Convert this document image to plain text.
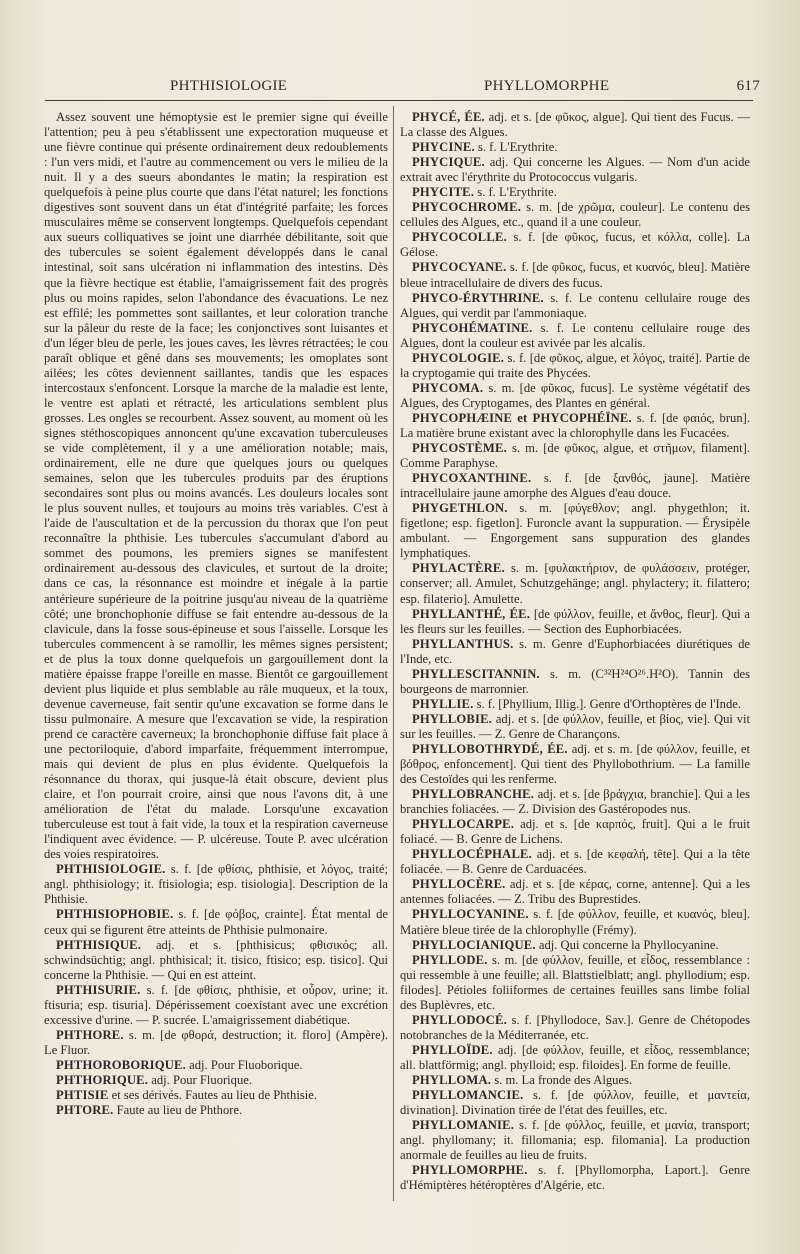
PHTHISIOLOGIE	PHYLLOMORPHE	617

Assez souvent une hémoptysie est le premier signe qui éveille l'attention; peu à peu s'établissent une expectoration muqueuse et une fièvre continue qui présente ordinairement deux redoublements : l'un vers midi, et l'autre au commencement ou vers le milieu de la nuit. Il y a des sueurs abondantes le matin; la respiration est quelquefois à peine plus courte que dans l'état naturel; les fonctions digestives sont souvent dans un état d'intégrité parfaite; les forces musculaires même se conservent longtemps. Quelquefois cependant aux sueurs colliquatives se joint une diarrhée débilitante, soit que des tubercules se soient également développés dans le canal intestinal, soit sans ulcération ni inflammation des intestins. Dès que la fièvre hectique est établie, l'amaigrissement fait des progrès plus ou moins rapides, selon l'abondance des évacuations. Le nez est effilé; les pommettes sont saillantes, et leur coloration tranche sur la pâleur du reste de la face; les conjonctives sont luisantes et d'un léger bleu de perle, les joues caves, les lèvres rétractées; le cou paraît oblique et gêné dans ses mouvements; les omoplates sont ailées; les côtes deviennent saillantes, tandis que les espaces intercostaux s'enfoncent. Lorsque la marche de la maladie est lente, le ventre est aplati et rétracté, les articulations semblent plus grosses. Les ongles se recourbent. Assez souvent, au moment où les signes stéthoscopiques annoncent qu'une excavation tuberculeuses se vide complètement, il y a une amélioration notable; mais, ordinairement, elle ne dure que quelques jours ou quelques semaines, selon que les tubercules produits par des éruptions secondaires sont plus ou moins avancés. Les douleurs locales sont le plus souvent nulles, et toujours au moins très variables. C'est à l'aide de l'auscultation et de la percussion du thorax que l'on peut reconnaître la phthisie. Les tubercules s'accumulant d'abord au sommet des poumons, les premiers signes se manifestent ordinairement au-dessous des clavicules, et surtout de la droite; dans ce cas, la résonnance est moindre et inégale à la partie antérieure supérieure de la poitrine jusqu'au niveau de la quatrième côté; une bronchophonie diffuse se fait entendre au-dessous de la clavicule, dans la fosse sous-épineuse et sous l'aisselle. Lorsque les tubercules commencent à se ramollir, les mêmes signes persistent; et de plus la toux donne quelquefois un gargouillement dont la matière épaisse frappe l'oreille en masse. Bientôt ce gargouillement devient plus liquide et plus semblable au râle muqueux, et la toux, devenue caverneuse, fait sentir qu'une excavation se forme dans le tissu pulmonaire. A mesure que l'excavation se vide, la respiration prend ce caractère caverneux; la bronchophonie diffuse fait place à une pectoriloquie, d'abord imparfaite, fréquemment interrompue, mais qui devient de plus en plus évidente. Quelquefois la résonnance du thorax, qui jusque-là était obscure, devient plus claire, et l'on pourrait croire, ainsi que nous l'avons dit, à une amélioration de l'état du malade. Lorsqu'une excavation tuberculeuse est tout à fait vide, la toux et la respiration caverneuse l'indiquent avec évidence. — P. ulcéreuse. Toute P. avec ulcération des voies respiratoires.

PHTHISIOLOGIE. s. f. [de φθίσις, phthisie, et λόγος, traité; angl. phthisiology; it. ftisiologia; esp. tisiologia]. Description de la Phthisie.

PHTHISIOPHOBIE. s. f. [de φόβος, crainte]. État mental de ceux qui se figurent être atteints de Phthisie pulmonaire.

PHTHISIQUE. adj. et s. [phthisicus; φθισικός; all. schwindsüchtig; angl. phthisical; it. tisico, ftisico; esp. tisico]. Qui concerne la Phthisie. — Qui en est atteint.

PHTHISURIE. s. f. [de φθίσις, phthisie, et οὖρον, urine; it. ftisuria; esp. tisuria]. Dépérissement coexistant avec une excrétion excessive d'urine. — P. sucrée. L'amaigrissement diabétique.

PHTHORE. s. m. [de φθορά, destruction; it. floro] (Ampère). Le Fluor.

PHTHOROBORIQUE. adj. Pour Fluoborique.

PHTHORIQUE. adj. Pour Fluorique.

PHTISIE et ses dérivés. Fautes au lieu de Phthisie.

PHTORE. Faute au lieu de Phthore.

PHYCÉ, ÉE. adj. et s. [de φῦκος, algue]. Qui tient des Fucus. — La classe des Algues.

PHYCINE. s. f. L'Erythrite.

PHYCIQUE. adj. Qui concerne les Algues. — Nom d'un acide extrait avec l'érythrite du Protococcus vulgaris.

PHYCITE. s. f. L'Erythrite.

PHYCOCHROME. s. m. [de χρῶμα, couleur]. Le contenu des cellules des Algues, etc., quand il a une couleur.

PHYCOCOLLE. s. f. [de φῦκος, fucus, et κόλλα, colle]. La Gélose.

PHYCOCYANE. s. f. [de φῦκος, fucus, et κυανός, bleu]. Matière bleue intracellulaire de divers des fucus.

PHYCO-ÉRYTHRINE. s. f. Le contenu cellulaire rouge des Algues, qui verdit par l'ammoniaque.

PHYCOHÉMATINE. s. f. Le contenu cellulaire rouge des Algues, dont la couleur est avivée par les alcalis.

PHYCOLOGIE. s. f. [de φῦκος, algue, et λόγος, traité]. Partie de la cryptogamie qui traite des Phycées.

PHYCOMA. s. m. [de φῦκος, fucus]. Le système végétatif des Algues, des Cryptogames, des Plantes en général.

PHYCOPHÆINE et PHYCOPHÉÏNE. s. f. [de φαιός, brun]. La matière brune existant avec la chlorophylle dans les Fucacées.

PHYCOSTÈME. s. m. [de φῦκος, algue, et στῆμων, filament]. Comme Paraphyse.

PHYCOXANTHINE. s. f. [de ξανθός, jaune]. Matière intracellulaire jaune amorphe des Algues d'eau douce.

PHYGETHLON. s. m. [φύγεθλον; angl. phygethlon; it. figetlone; esp. figetlon]. Furoncle avant la suppuration. — Érysipèle ambulant. — Engorgement sans suppuration des glandes lymphatiques.

PHYLACTÈRE. s. m. [φυλακτήριον, de φυλάσσειν, protéger, conserver; all. Amulet, Schutzgehänge; angl. phylactery; it. filattero; esp. filaterio]. Amulette.

PHYLLANTHÉ, ÉE. [de φύλλον, feuille, et ἄνθος, fleur]. Qui a les fleurs sur les feuilles. — Section des Euphorbiacées.

PHYLLANTHUS. s. m. Genre d'Euphorbiacées diurétiques de l'Inde, etc.

PHYLLESCITANNIN. s. m. (C³²H²⁴O²⁶.H²O). Tannin des bourgeons de marronnier.

PHYLLIE. s. f. [Phyllium, Illig.]. Genre d'Orthoptères de l'Inde.

PHYLLOBIE. adj. et s. [de φύλλον, feuille, et βίος, vie]. Qui vit sur les feuilles. — Z. Genre de Charançons.

PHYLLOBOTHRYDÉ, ÉE. adj. et s. m. [de φύλλον, feuille, et βόθρος, enfoncement]. Qui tient des Phyllobothrium. — La famille des Cestoïdes qui les renferme.

PHYLLOBRANCHE. adj. et s. [de βράγχια, branchie]. Qui a les branchies foliacées. — Z. Division des Gastéropodes nus.

PHYLLOCARPE. adj. et s. [de καρπός, fruit]. Qui a le fruit foliacé. — B. Genre de Lichens.

PHYLLOCÉPHALE. adj. et s. [de κεφαλή, tête]. Qui a la tête foliacée. — B. Genre de Carduacées.

PHYLLOCÈRE. adj. et s. [de κέρας, corne, antenne]. Qui a les antennes foliacées. — Z. Tribu des Buprestides.

PHYLLOCYANINE. s. f. [de φύλλον, feuille, et κυανός, bleu]. Matière bleue tirée de la chlorophylle (Frémy).

PHYLLOCIANIQUE. adj. Qui concerne la Phyllocyanine.

PHYLLODE. s. m. [de φύλλον, feuille, et εἶδος, ressemblance : qui ressemble à une feuille; all. Blattstielblatt; angl. phyllodium; esp. filodes]. Pétioles foliiformes de certaines feuilles sans limbe folial des Buplèvres, etc.

PHYLLODOCÉ. s. f. [Phyllodoce, Sav.]. Genre de Chétopodes notobranches de la Méditerranée, etc.

PHYLLOÏDE. adj. [de φύλλον, feuille, et εἶδος, ressemblance; all. blattförmig; angl. phylloid; esp. filoides]. En forme de feuille.

PHYLLOMA. s. m. La fronde des Algues.

PHYLLOMANCIE. s. f. [de φύλλον, feuille, et μαντεία, divination]. Divination tirée de l'état des feuilles, etc.

PHYLLOMANIE. s. f. [de φύλλος, feuille, et μανία, transport; angl. phyllomany; it. fillomania; esp. filomania]. La production anormale de feuilles au lieu de fruits.

PHYLLOMORPHE. s. f. [Phyllomorpha, Laport.]. Genre d'Hémiptères hétéroptères d'Algérie, etc.
